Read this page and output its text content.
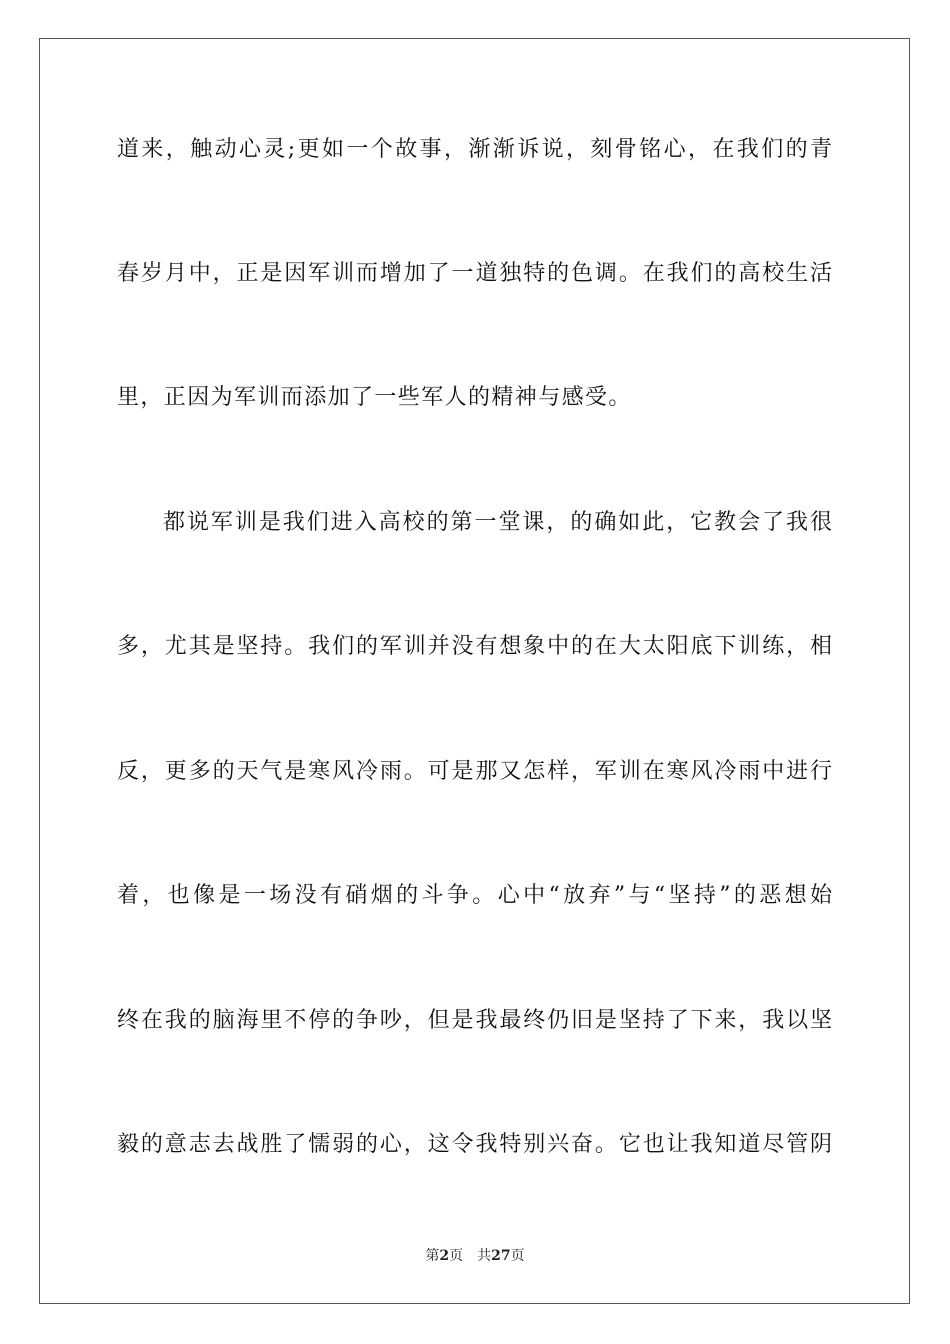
道来，触动心灵;更如一个故事，渐渐诉说，刻骨铭心，在我们的青
春岁月中，正是因军训而增加了一道独特的色调。在我们的高校生活
里，正因为军训而添加了一些军人的精神与感受。
都说军训是我们进入高校的第一堂课，的确如此，它教会了我很
多，尤其是坚持。我们的军训并没有想象中的在大太阳底下训练，相
反，更多的天气是寒风冷雨。可是那又怎样，军训在寒风冷雨中进行
着，也像是一场没有硝烟的斗争。心中“放弃”与“坚持”的恶想始
终在我的脑海里不停的争吵，但是我最终仍旧是坚持了下来，我以坚
毅的意志去战胜了懦弱的心，这令我特别兴奋。它也让我知道尽管阴
第2页 共27页
